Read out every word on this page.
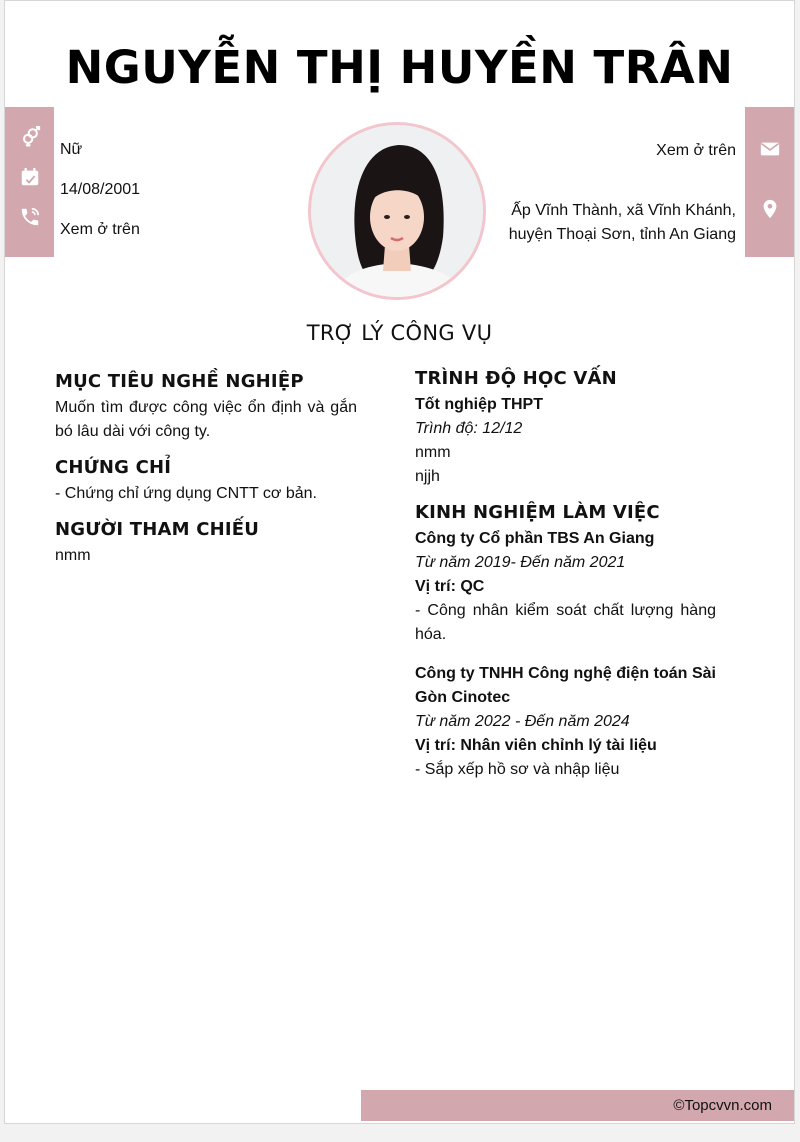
NGUYỄN THỊ HUYỀN TRÂN
Nữ
14/08/2001
Xem ở trên
Xem ở trên
Ấp Vĩnh Thành, xã Vĩnh Khánh,
huyện Thoại Sơn, tỉnh An Giang
TRỢ LÝ CÔNG VỤ
MỤC TIÊU NGHỀ NGHIỆP
Muốn tìm được công việc ổn định và gắn bó lâu dài với công ty.
CHỨNG CHỈ
- Chứng chỉ ứng dụng CNTT cơ bản.
NGƯỜI THAM CHIẾU
nmm
TRÌNH ĐỘ HỌC VẤN
Tốt nghiệp THPT
Trình độ: 12/12
nmm
njjh
KINH NGHIỆM LÀM VIỆC
Công ty Cổ phần TBS An Giang
Từ năm 2019- Đến năm 2021
Vị trí: QC
- Công nhân kiểm soát chất lượng hàng hóa.
Công ty TNHH Công nghệ điện toán Sài Gòn Cinotec
Từ năm 2022 - Đến năm 2024
Vị trí: Nhân viên chỉnh lý tài liệu
- Sắp xếp hồ sơ và nhập liệu
©Topcvvn.com
